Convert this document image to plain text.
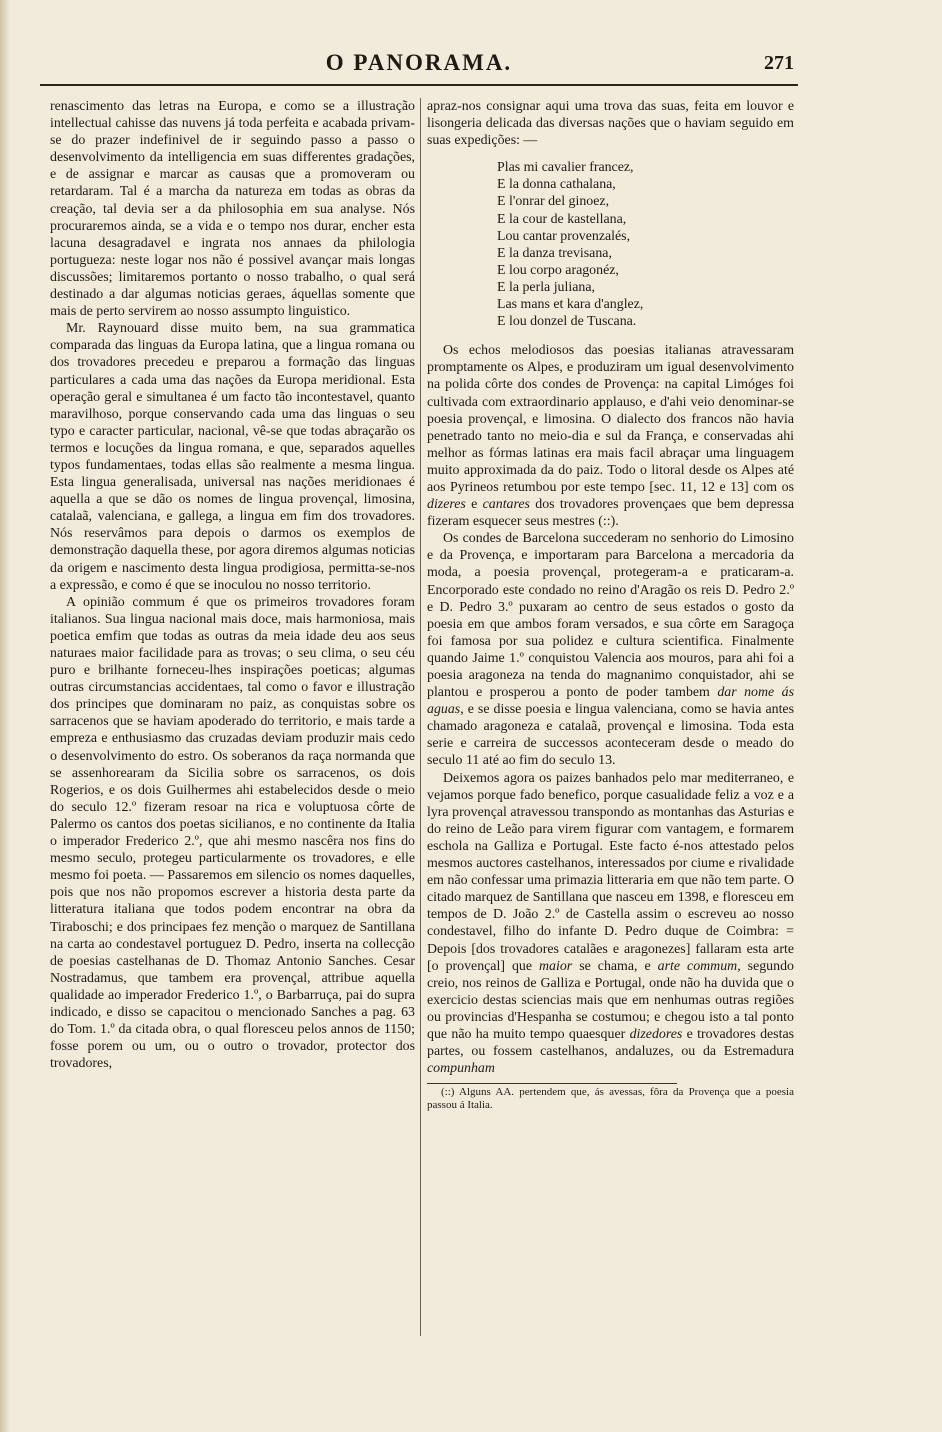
O PANORAMA.	271

renascimento das letras na Europa, e como se a illustração intellectual cahisse das nuvens já toda perfeita e acabada privam-se do prazer indefinivel de ir seguindo passo a passo o desenvolvimento da intelligencia em suas differentes gradações, e de assignar e marcar as causas que a promoveram ou retardaram. Tal é a marcha da natureza em todas as obras da creação, tal devia ser a da philosophia em sua analyse. Nós procuraremos ainda, se a vida e o tempo nos durar, encher esta lacuna desagradavel e ingrata nos annaes da philologia portugueza: neste logar nos não é possivel avançar mais longas discussões; limitaremos portanto o nosso trabalho, o qual será destinado a dar algumas noticias geraes, áquellas somente que mais de perto servirem ao nosso assumpto linguistico.

Mr. Raynouard disse muito bem, na sua grammatica comparada das linguas da Europa latina, que a lingua romana ou dos trovadores precedeu e preparou a formação das linguas particulares a cada uma das nações da Europa meridional. Esta operação geral e simultanea é um facto tão incontestavel, quanto maravilhoso, porque conservando cada uma das linguas o seu typo e caracter particular, nacional, vê-se que todas abraçarão os termos e locuções da lingua romana, e que, separados aquelles typos fundamentaes, todas ellas são realmente a mesma lingua. Esta lingua generalisada, universal nas nações meridionaes é aquella a que se dão os nomes de lingua provençal, limosina, catalaã, valenciana, e gallega, a lingua em fim dos trovadores. Nós reservâmos para depois o darmos os exemplos de demonstração daquella these, por agora diremos algumas noticias da origem e nascimento desta lingua prodigiosa, permitta-se-nos a expressão, e como é que se inoculou no nosso territorio.

A opinião commum é que os primeiros trovadores foram italianos. Sua lingua nacional mais doce, mais harmoniosa, mais poetica emfim que todas as outras da meia idade deu aos seus naturaes maior facilidade para as trovas; o seu clima, o seu céu puro e brilhante forneceu-lhes inspirações poeticas; algumas outras circumstancias accidentaes, tal como o favor e illustração dos principes que dominaram no paiz, as conquistas sobre os sarracenos que se haviam apoderado do territorio, e mais tarde a empreza e enthusiasmo das cruzadas deviam produzir mais cedo o desenvolvimento do estro. Os soberanos da raça normanda que se assenhorearam da Sicilia sobre os sarracenos, os dois Rogerios, e os dois Guilhermes ahi estabelecidos desde o meio do seculo 12.º fizeram resoar na rica e voluptuosa côrte de Palermo os cantos dos poetas sicilianos, e no continente da Italia o imperador Frederico 2.º, que ahi mesmo nascêra nos fins do mesmo seculo, protegeu particularmente os trovadores, e elle mesmo foi poeta. — Passaremos em silencio os nomes daquelles, pois que nos não propomos escrever a historia desta parte da litteratura italiana que todos podem encontrar na obra da Tiraboschi; e dos principaes fez menção o marquez de Santillana na carta ao condestavel portuguez D. Pedro, inserta na collecção de poesias castelhanas de D. Thomaz Antonio Sanches. Cesar Nostradamus, que tambem era provençal, attribue aquella qualidade ao imperador Frederico 1.º, o Barbarruça, pai do supra indicado, e disso se capacitou o mencionado Sanches a pag. 63 do Tom. 1.º da citada obra, o qual floresceu pelos annos de 1150; fosse porem ou um, ou o outro o trovador, protector dos trovadores,

apraz-nos consignar aqui uma trova das suas, feita em louvor e lisongeria delicada das diversas nações que o haviam seguido em suas expedições: —

Plas mi cavalier francez,
E la donna cathalana,
E l'onrar del ginoez,
E la cour de kastellana,
Lou cantar provenzalés,
E la danza trevisana,
E lou corpo aragonéz,
E la perla juliana,
Las mans et kara d'anglez,
E lou donzel de Tuscana.

Os echos melodiosos das poesias italianas atravessaram promptamente os Alpes, e produziram um igual desenvolvimento na polida côrte dos condes de Provença: na capital Limóges foi cultivada com extraordinario applauso, e d'ahi veio denominar-se poesia provençal, e limosina. O dialecto dos francos não havia penetrado tanto no meio-dia e sul da França, e conservadas ahi melhor as fórmas latinas era mais facil abraçar uma linguagem muito approximada da do paiz. Todo o litoral desde os Alpes até aos Pyrineos retumbou por este tempo [sec. 11, 12 e 13] com os dizeres e cantares dos trovadores provençaes que bem depressa fizeram esquecer seus mestres (::).

Os condes de Barcelona succederam no senhorio do Limosino e da Provença, e importaram para Barcelona a mercadoria da moda, a poesia provençal, protegeram-a e praticaram-a. Encorporado este condado no reino d'Aragão os reis D. Pedro 2.º e D. Pedro 3.º puxaram ao centro de seus estados o gosto da poesia em que ambos foram versados, e sua côrte em Saragoça foi famosa por sua polidez e cultura scientifica. Finalmente quando Jaime 1.º conquistou Valencia aos mouros, para ahi foi a poesia aragoneza na tenda do magnanimo conquistador, ahi se plantou e prosperou a ponto de poder tambem dar nome ás aguas, e se disse poesia e lingua valenciana, como se havia antes chamado aragoneza e catalaã, provençal e limosina. Toda esta serie e carreira de successos aconteceram desde o meado do seculo 11 até ao fim do seculo 13.

Deixemos agora os paizes banhados pelo mar mediterraneo, e vejamos porque fado benefico, porque casualidade feliz a voz e a lyra provençal atravessou transpondo as montanhas das Asturias e do reino de Leão para virem figurar com vantagem, e formarem eschola na Galliza e Portugal. Este facto é-nos attestado pelos mesmos auctores castelhanos, interessados por ciume e rivalidade em não confessar uma primazia litteraria em que não tem parte. O citado marquez de Santillana que nasceu em 1398, e floresceu em tempos de D. João 2.º de Castella assim o escreveu ao nosso condestavel, filho do infante D. Pedro duque de Coimbra: = Depois [dos trovadores catalães e aragonezes] fallaram esta arte [o provençal] que maior se chama, e arte commum, segundo creio, nos reinos de Galliza e Portugal, onde não ha duvida que o exercicio destas sciencias mais que em nenhumas outras regiões ou provincias d'Hespanha se costumou; e chegou isto a tal ponto que não ha muito tempo quaesquer dizedores e trovadores destas partes, ou fossem castelhanos, andaluzes, ou da Estremadura compunham

(::) Alguns AA. pertendem que, ás avessas, fôra da Provença que a poesia passou á Italia.
